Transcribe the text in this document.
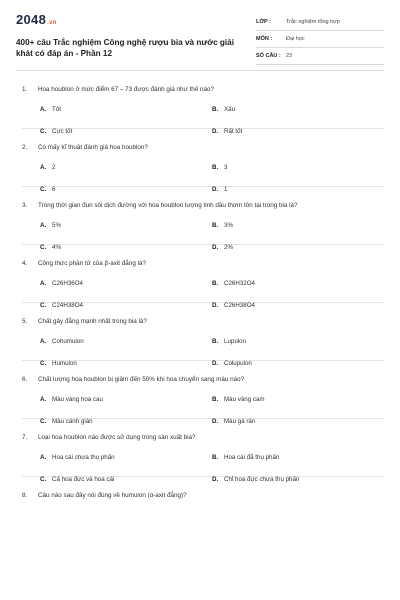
2048.vn
400+ câu Trắc nghiệm Công nghệ rượu bia và nước giải khát có đáp án - Phần 12
LỚP :	Trắc nghiệm tổng hợp
MÔN :	Đại học
SỐ CÂU : 23
1.	Hoa houblon ở mức điểm 67 – 73 được đánh giá như thế nào?
A. Tốt	B. Xấu
C. Cực tốt	D. Rất tốt
2.	Có mấy kĩ thuật đánh giá hoa houblon?
A. 2	B. 3
C. 6	D. 1
3.	Trong thời gian đun sôi dịch đường với hoa houblon lượng tinh dầu thơm tồn tại trong bia là?
A. 5%	B. 3%
C. 4%	D. 2%
4.	Công thức phân tử của β-axit đắng là?
A. C26H36O4	B. C26H32O4
C. C24H38O4	D. C26H38O4
5.	Chất gây đắng mạnh nhất trong bia là?
A. Cohumulon	B. Lupulon
C. Humulon	D. Colupulon
6.	Chất lượng hoa houblon bị giảm đến 50% khi hoa chuyển sang màu nào?
A. Màu vàng hoa cau	B. Màu vàng cam
C. Màu cánh gián	D. Màu gà rán
7.	Loại hoa houblon nào được sử dụng trong sản xuất bia?
A. Hoa cái chưa thụ phấn	B. Hoa cái đã thụ phấn
C. Cả hoa đực và hoa cái	D. Chỉ hoa đực chưa thụ phấn
8.	Câu nào sau đây nói đúng về humulon (α-axit đắng)?
